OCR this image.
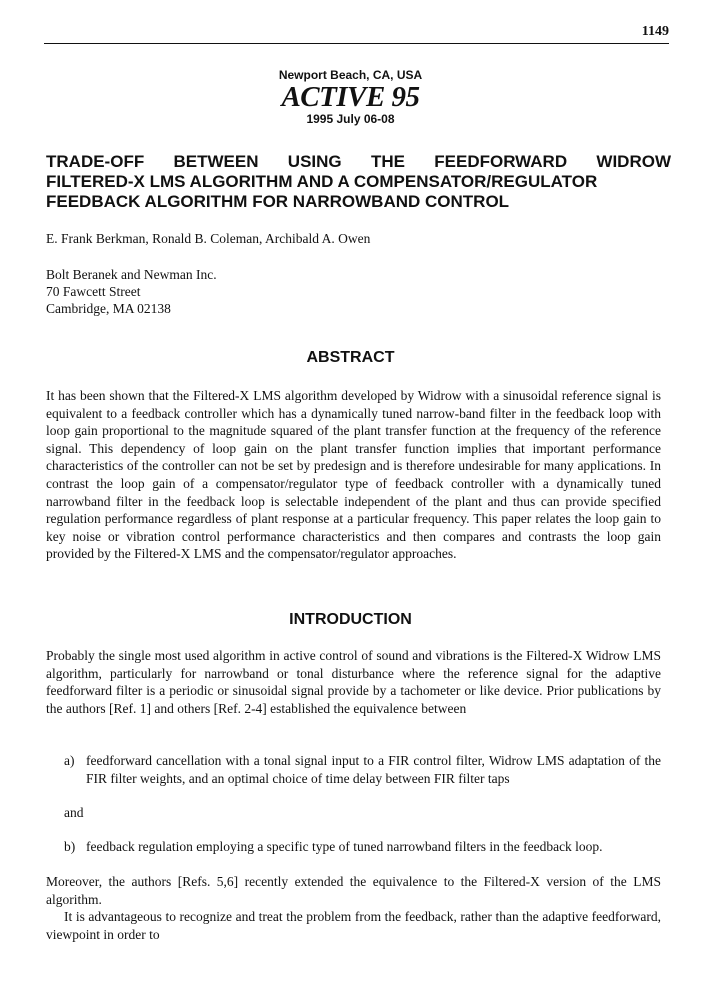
1149
Newport Beach, CA, USA
ACTIVE 95
1995 July 06-08
TRADE-OFF BETWEEN USING THE FEEDFORWARD WIDROW
FILTERED-X LMS ALGORITHM AND A COMPENSATOR/REGULATOR
FEEDBACK ALGORITHM FOR NARROWBAND CONTROL
E. Frank Berkman, Ronald B. Coleman, Archibald A. Owen
Bolt Beranek and Newman Inc.
70 Fawcett Street
Cambridge, MA 02138
ABSTRACT
It has been shown that the Filtered-X LMS algorithm developed by Widrow with a sinusoidal reference signal is equivalent to a feedback controller which has a dynamically tuned narrow-band filter in the feedback loop with loop gain proportional to the magnitude squared of the plant transfer function at the frequency of the reference signal. This dependency of loop gain on the plant transfer function implies that important performance characteristics of the controller can not be set by predesign and is therefore undesirable for many applications. In contrast the loop gain of a compensator/regulator type of feedback controller with a dynamically tuned narrowband filter in the feedback loop is selectable independent of the plant and thus can provide specified regulation performance regardless of plant response at a particular frequency. This paper relates the loop gain to key noise or vibration control performance characteristics and then compares and contrasts the loop gain provided by the Filtered-X LMS and the compensator/regulator approaches.
INTRODUCTION
Probably the single most used algorithm in active control of sound and vibrations is the Filtered-X Widrow LMS algorithm, particularly for narrowband or tonal disturbance where the reference signal for the adaptive feedforward filter is a periodic or sinusoidal signal provide by a tachometer or like device. Prior publications by the authors [Ref. 1] and others [Ref. 2-4] established the equivalence between
a) feedforward cancellation with a tonal signal input to a FIR control filter, Widrow LMS adaptation of the FIR filter weights, and an optimal choice of time delay between FIR filter taps
and
b) feedback regulation employing a specific type of tuned narrowband filters in the feedback loop.
Moreover, the authors [Refs. 5,6] recently extended the equivalence to the Filtered-X version of the LMS algorithm.
It is advantageous to recognize and treat the problem from the feedback, rather than the adaptive feedforward, viewpoint in order to
